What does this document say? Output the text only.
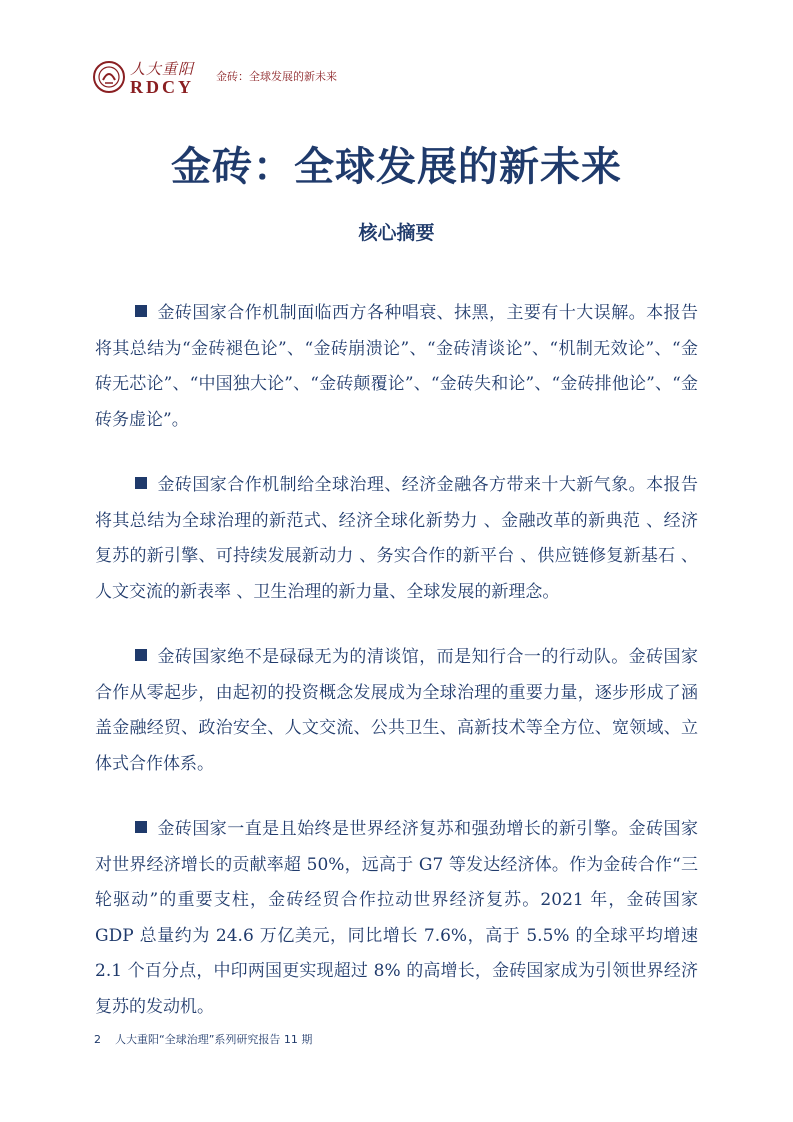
人大重阳
RDCY
金砖：全球发展的新未来
金砖：全球发展的新未来
核心摘要

金砖国家合作机制面临西方各种唱衰、抹黑，主要有十大误解。本报告将其总结为“金砖褪色论”、“金砖崩溃论”、“金砖清谈论”、“机制无效论”、“金砖无芯论”、“中国独大论”、“金砖颠覆论”、“金砖失和论”、“金砖排他论”、“金砖务虚论”。

金砖国家合作机制给全球治理、经济金融各方带来十大新气象。本报告将其总结为全球治理的新范式、经济全球化新势力 、金融改革的新典范 、经济复苏的新引擎、可持续发展新动力 、务实合作的新平台 、供应链修复新基石 、人文交流的新表率 、卫生治理的新力量、全球发展的新理念。

金砖国家绝不是碌碌无为的清谈馆，而是知行合一的行动队。金砖国家合作从零起步，由起初的投资概念发展成为全球治理的重要力量，逐步形成了涵盖金融经贸、政治安全、人文交流、公共卫生、高新技术等全方位、宽领域、立体式合作体系。

金砖国家一直是且始终是世界经济复苏和强劲增长的新引擎。金砖国家对世界经济增长的贡献率超 50%，远高于 G7 等发达经济体。作为金砖合作“三轮驱动”的重要支柱，金砖经贸合作拉动世界经济复苏。2021 年，金砖国家 GDP 总量约为 24.6 万亿美元，同比增长 7.6%，高于 5.5% 的全球平均增速 2.1 个百分点，中印两国更实现超过 8% 的高增长，金砖国家成为引领世界经济复苏的发动机。

2 人大重阳“全球治理”系列研究报告 11 期
